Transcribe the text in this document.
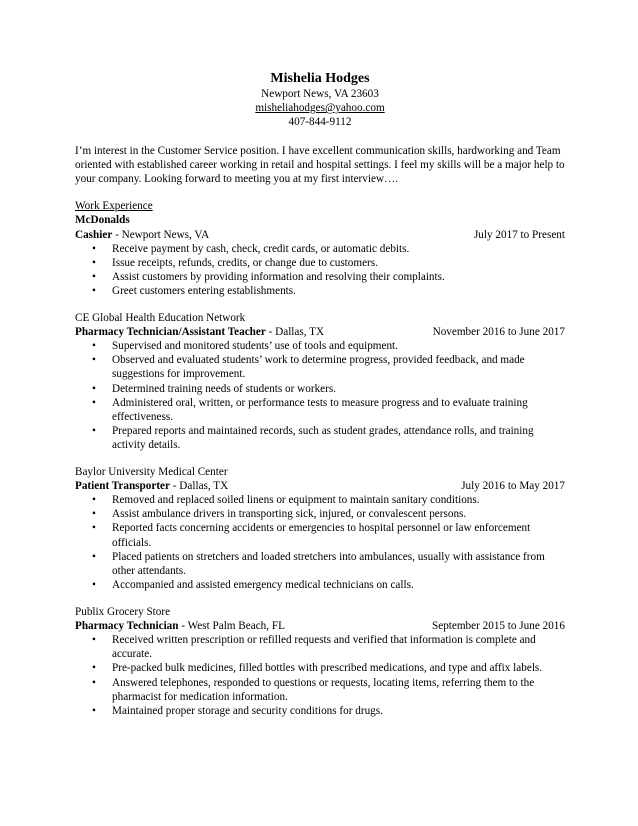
Mishelia Hodges
Newport News, VA 23603
misheliahodges@yahoo.com
407-844-9112
I’m interest in the Customer Service position. I have excellent communication skills, hardworking and Team oriented with established career working in retail and hospital settings. I feel my skills will be a major help to your company. Looking forward to meeting you at my first interview….
Work Experience
McDonalds
Cashier - Newport News, VA	July 2017 to Present
• Receive payment by cash, check, credit cards, or automatic debits.
• Issue receipts, refunds, credits, or change due to customers.
• Assist customers by providing information and resolving their complaints.
• Greet customers entering establishments.
CE Global Health Education Network
Pharmacy Technician/Assistant Teacher - Dallas, TX	November 2016 to June 2017
• Supervised and monitored students’ use of tools and equipment.
• Observed and evaluated students’ work to determine progress, provided feedback, and made suggestions for improvement.
• Determined training needs of students or workers.
• Administered oral, written, or performance tests to measure progress and to evaluate training effectiveness.
• Prepared reports and maintained records, such as student grades, attendance rolls, and training activity details.
Baylor University Medical Center
Patient Transporter - Dallas, TX	July 2016 to May 2017
• Removed and replaced soiled linens or equipment to maintain sanitary conditions.
• Assist ambulance drivers in transporting sick, injured, or convalescent persons.
• Reported facts concerning accidents or emergencies to hospital personnel or law enforcement officials.
• Placed patients on stretchers and loaded stretchers into ambulances, usually with assistance from other attendants.
• Accompanied and assisted emergency medical technicians on calls.
Publix Grocery Store
Pharmacy Technician - West Palm Beach, FL	September 2015 to June 2016
• Received written prescription or refilled requests and verified that information is complete and accurate.
• Pre-packed bulk medicines, filled bottles with prescribed medications, and type and affix labels.
• Answered telephones, responded to questions or requests, locating items, referring them to the pharmacist for medication information.
• Maintained proper storage and security conditions for drugs.
